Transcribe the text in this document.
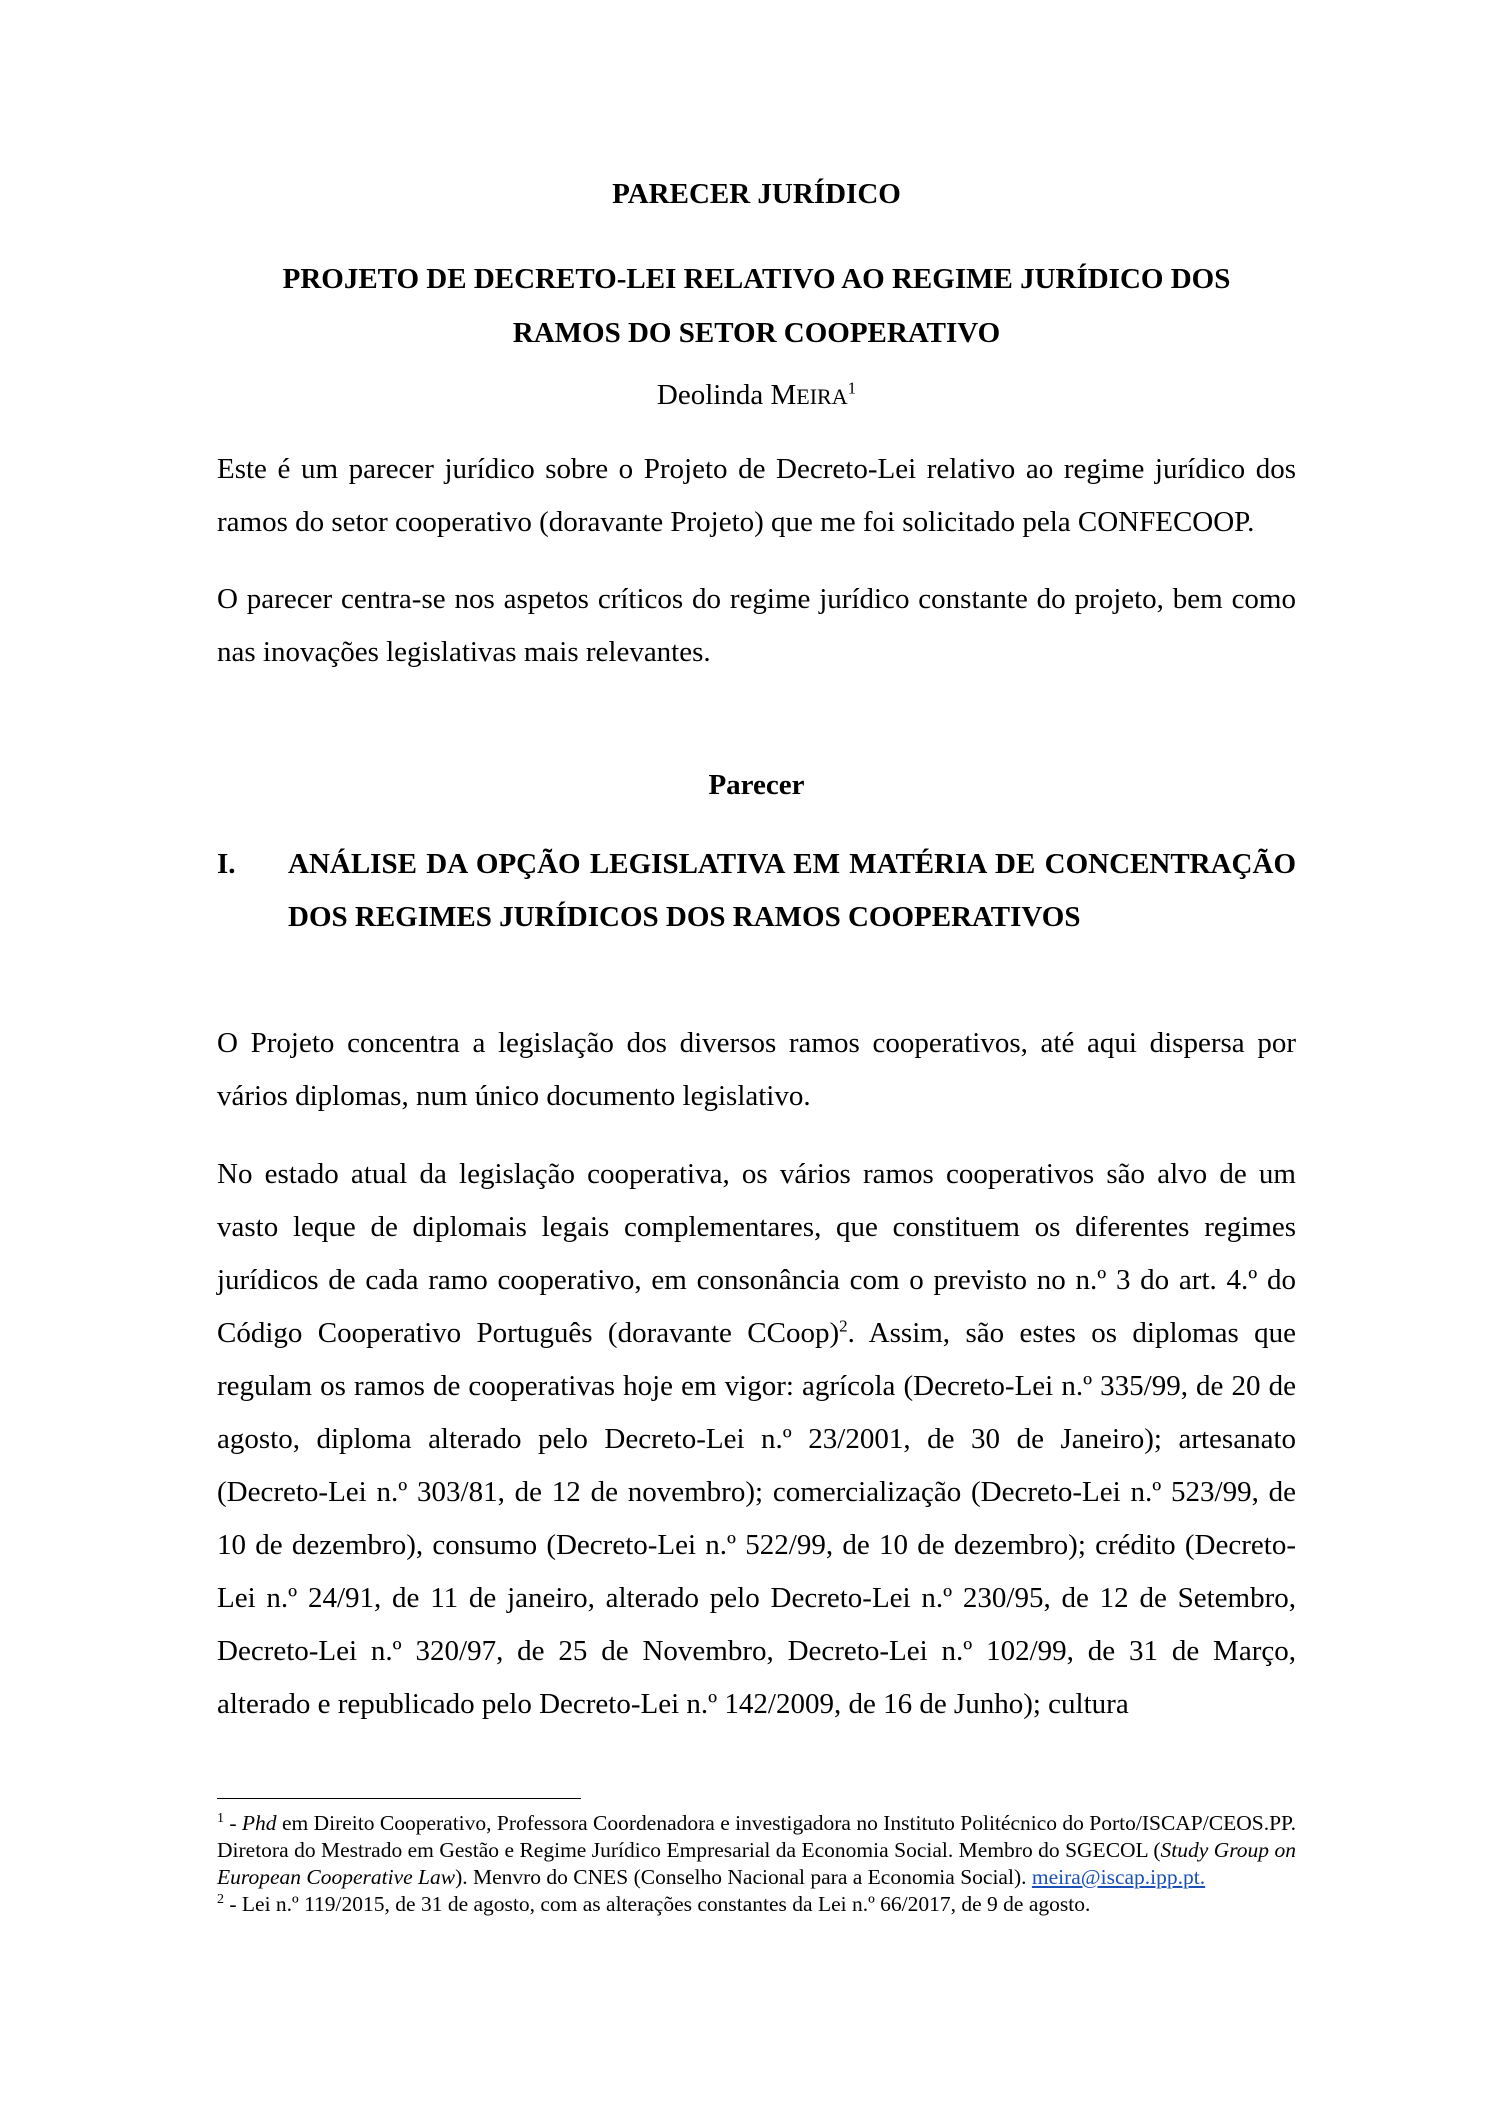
PARECER JURÍDICO

PROJETO DE DECRETO-LEI RELATIVO AO REGIME JURÍDICO DOS
RAMOS DO SETOR COOPERATIVO

Deolinda MEIRA$^1$

Este é um parecer jurídico sobre o Projeto de Decreto-Lei relativo ao regime jurídico dos ramos do setor cooperativo (doravante Projeto) que me foi solicitado pela CONFECOOP.

O parecer centra-se nos aspetos críticos do regime jurídico constante do projeto, bem como nas inovações legislativas mais relevantes.

Parecer

I. ANÁLISE DA OPÇÃO LEGISLATIVA EM MATÉRIA DE CONCENTRAÇÃO DOS REGIMES JURÍDICOS DOS RAMOS COOPERATIVOS

O Projeto concentra a legislação dos diversos ramos cooperativos, até aqui dispersa por vários diplomas, num único documento legislativo.

No estado atual da legislação cooperativa, os vários ramos cooperativos são alvo de um vasto leque de diplomais legais complementares, que constituem os diferentes regimes jurídicos de cada ramo cooperativo, em consonância com o previsto no n.º 3 do art. 4.º do Código Cooperativo Português (doravante CCoop)$^2$. Assim, são estes os diplomas que regulam os ramos de cooperativas hoje em vigor: agrícola (Decreto-Lei n.º 335/99, de 20 de agosto, diploma alterado pelo Decreto-Lei n.º 23/2001, de 30 de Janeiro); artesanato (Decreto-Lei n.º 303/81, de 12 de novembro); comercialização (Decreto-Lei n.º 523/99, de 10 de dezembro), consumo (Decreto-Lei n.º 522/99, de 10 de dezembro); crédito (Decreto-Lei n.º 24/91, de 11 de janeiro, alterado pelo Decreto-Lei n.º 230/95, de 12 de Setembro, Decreto-Lei n.º 320/97, de 25 de Novembro, Decreto-Lei n.º 102/99, de 31 de Março, alterado e republicado pelo Decreto-Lei n.º 142/2009, de 16 de Junho); cultura

$^1$ - Phd em Direito Cooperativo, Professora Coordenadora e investigadora no Instituto Politécnico do Porto/ISCAP/CEOS.PP. Diretora do Mestrado em Gestão e Regime Jurídico Empresarial da Economia Social. Membro do SGECOL (Study Group on European Cooperative Law). Menvro do CNES (Conselho Nacional para a Economia Social). meira@iscap.ipp.pt.

$^2$ - Lei n.º 119/2015, de 31 de agosto, com as alterações constantes da Lei n.º 66/2017, de 9 de agosto.
